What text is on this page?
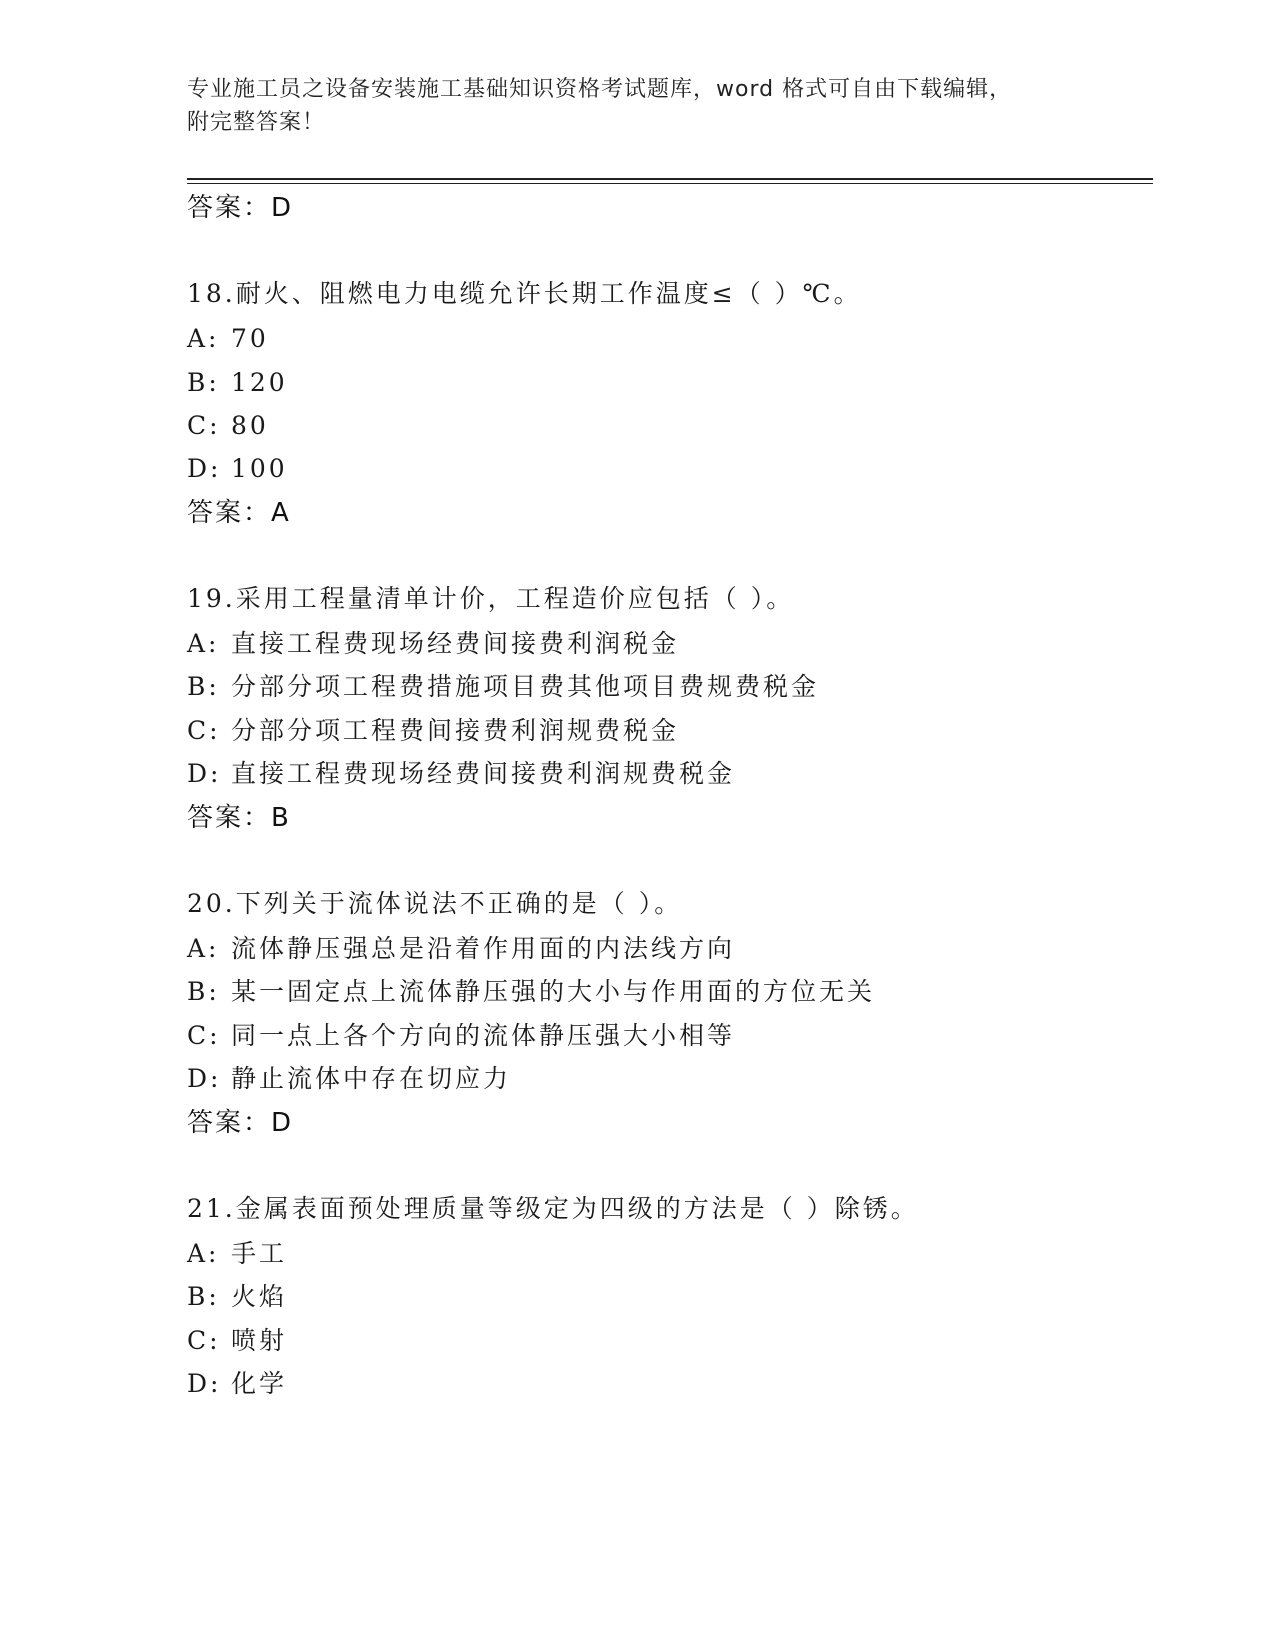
专业施工员之设备安装施工基础知识资格考试题库，word 格式可自由下载编辑，
附完整答案！
答案：D
18.耐火、阻燃电力电缆允许长期工作温度≤（ ）℃。
A: 70
B: 120
C: 80
D: 100
答案：A
19.采用工程量清单计价，工程造价应包括（ ）。
A: 直接工程费现场经费间接费利润税金
B: 分部分项工程费措施项目费其他项目费规费税金
C: 分部分项工程费间接费利润规费税金
D: 直接工程费现场经费间接费利润规费税金
答案：B
20.下列关于流体说法不正确的是（ ）。
A: 流体静压强总是沿着作用面的内法线方向
B: 某一固定点上流体静压强的大小与作用面的方位无关
C: 同一点上各个方向的流体静压强大小相等
D: 静止流体中存在切应力
答案：D
21.金属表面预处理质量等级定为四级的方法是（ ）除锈。
A: 手工
B: 火焰
C: 喷射
D: 化学
